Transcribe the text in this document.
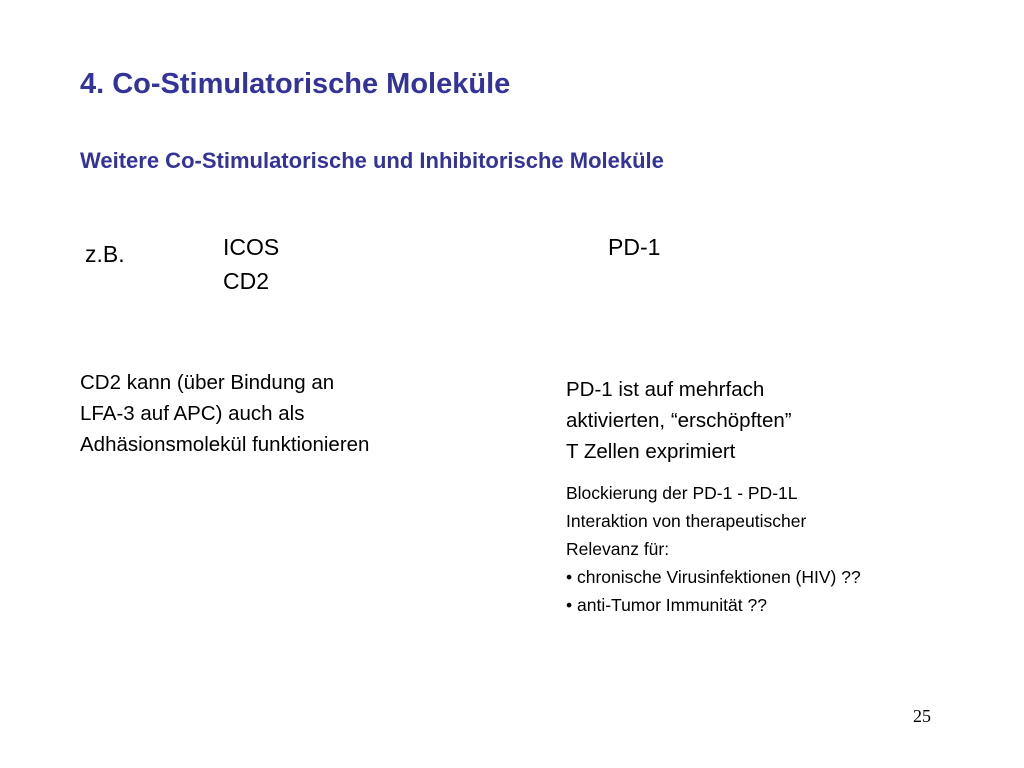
4. Co-Stimulatorische Moleküle
Weitere Co-Stimulatorische und Inhibitorische Moleküle
z.B.	ICOS
CD2
PD-1
CD2 kann (über Bindung an
LFA-3 auf APC) auch als
Adhäsionsmolekül funktionieren
PD-1 ist auf mehrfach
aktivierten, “erschöpften”
T Zellen exprimiert
Blockierung der PD-1 - PD-1L
Interaktion von therapeutischer
Relevanz für:
• chronische Virusinfektionen (HIV) ??
• anti-Tumor Immunität ??
25
